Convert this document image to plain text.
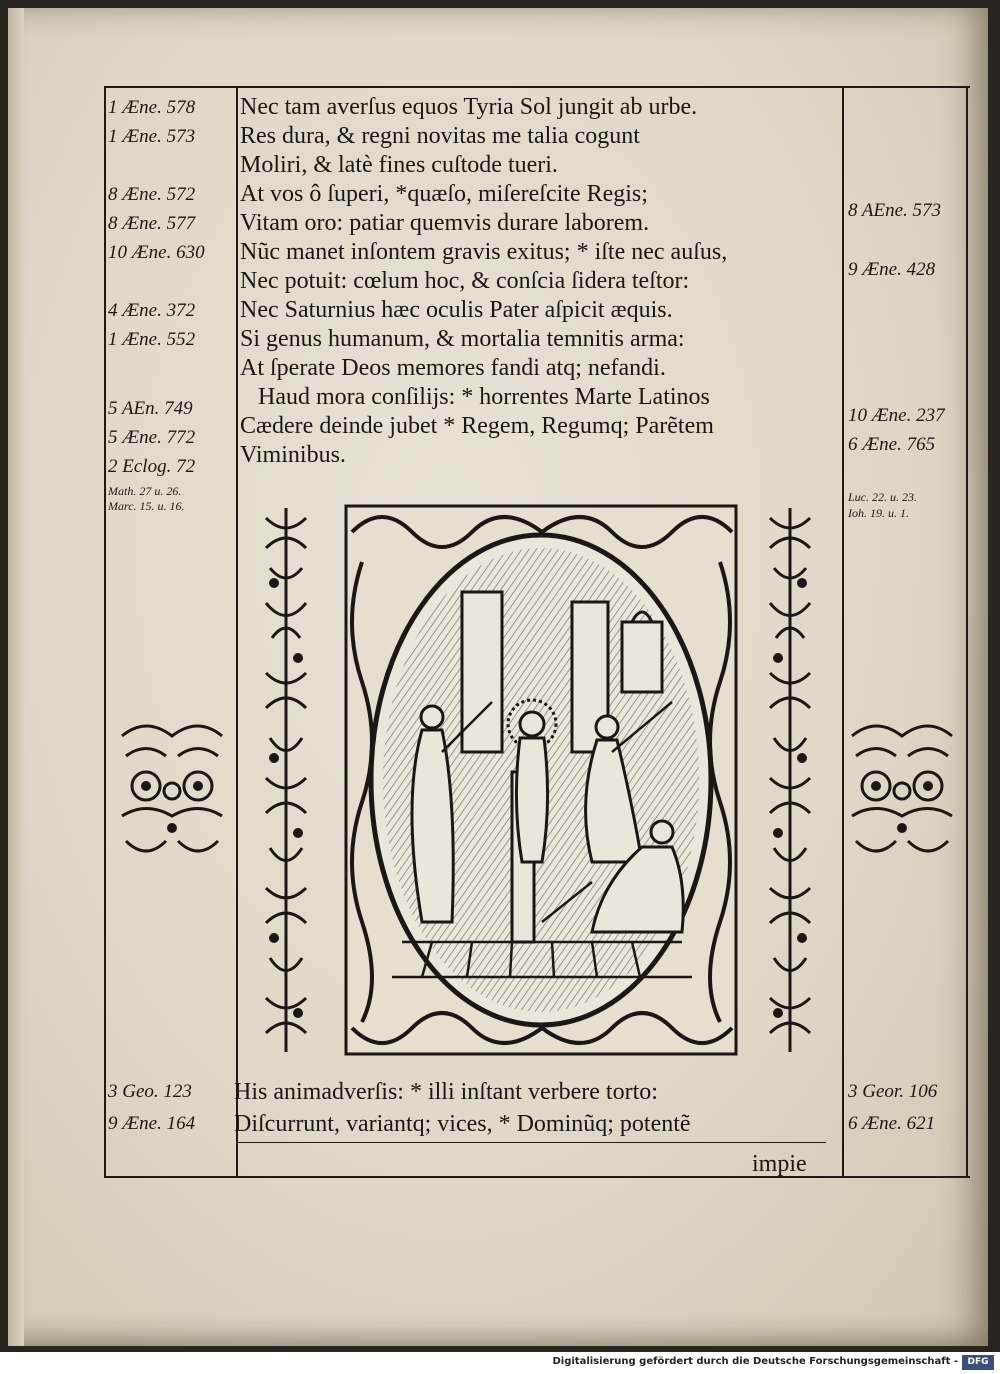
Nec tam averſus equos Tyria Sol jungit ab urbe.
Res dura, & regni novitas me talia cogunt
Moliri, & latè fines cuſtode tueri.
At vos ô ſuperi, *quæſo, miſereſcite Regis;
Vitam oro: patiar quemvis durare laborem.
Nũc manet inſontem gravis exitus; * iſte nec auſus,
Nec potuit: cœlum hoc, & conſcia ſidera teſtor:
Nec Saturnius hæc oculis Pater aſpicit æquis.
Si genus humanum, & mortalia temnitis arma:
At ſperate Deos memores fandi atq; nefandi.
Haud mora conſilijs: * horrentes Marte Latinos
Cædere deinde jubet * Regem, Regumq; Parẽtem
Viminibus.
1 Æne. 578
1 Æne. 573
8 Æne. 572
8 Æne. 577
10 Æne. 630
4 Æne. 372
1 Æne. 552
5 AEn. 749
5 Æne. 772
2 Eclog. 72
Math. 27 u. 26.
Marc. 15. u. 16.
8 AEne. 573
9 Æne. 428
10 Æne. 237
6 Æne. 765
Luc. 22. u. 23.
Ioh. 19. u. 1.
His animadverſis: * illi inſtant verbere torto:
Diſcurrunt, variantq; vices, * Dominũq; potentẽ
impie
3 Geo. 123
9 Æne. 164
3 Geor. 106
6 Æne. 621
Digitalisierung gefördert durch die Deutsche Forschungsgemeinschaft -	DFG
